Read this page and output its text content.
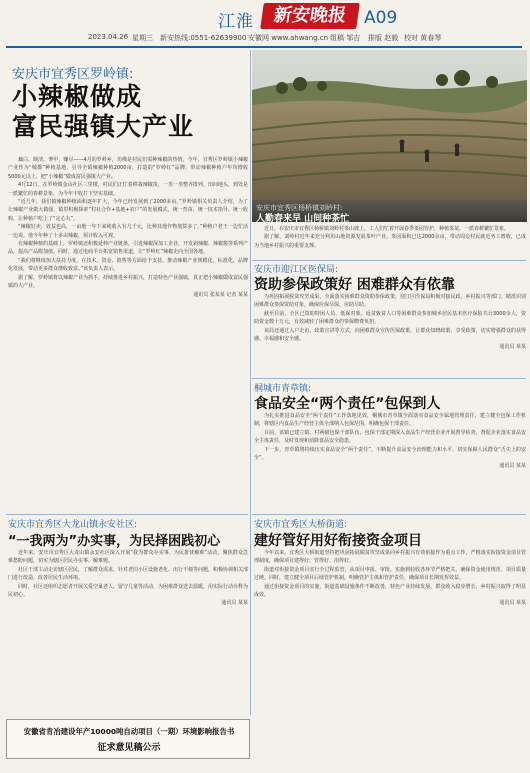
江淮	新安晚报 A09
2023.04.26 星期三 新安热线:0551-62639900 安徽网 www.ahwang.cn 组稿 邹吉 排版 赵毅 校对 黄春琴
安庆市宜秀区罗岭镇:
小辣椒做成
富民强镇大产业

藕白、映清、蓼甲，赚尽——4月的罗岭乡，仿佛是村民们需种辣椒的热情。今年，宜秀区罗岭镇小辣椒产业作为“城都”种植基地，引导全镇辣椒种植2000亩，打造的“罗岭红”品牌，带动辣椒种植户年均增收5000元以上，把“小辣椒”做成富民强镇大产业。

4月12日，在罗岭镇金山社区三里楼，村民们正忙着移栽辣椒苗，一垄一垄整齐排列。田间地头，到处是一派繁忙的春耕景象，为今年丰收打下坚实基础。

“近几年，我们镇辣椒种植面积逐年扩大，今年已经发展到了2000多亩。”罗岭镇相关负责人介绍，为了让辣椒产业做大做强，镇里积极探索“村社合作+基地+农户”的发展模式，统一育苗、统一技术指导、统一收购，让种植户吃上了“定心丸”。

“辣椒好卖，效益也高，一亩地一年下来纯收入有几千元，比种其他作物划算多了。”种植户老王一边忙活一边说。他今年种了十多亩辣椒，预计收入可观。

在辣椒种植的基础上，罗岭镇还积极延伸产业链条，引进辣椒深加工企业，开发剁辣椒、辣椒酱等系列产品，提高产品附加值。同时，通过电商平台拓宽销售渠道，让“罗岭红”辣椒走向全国各地。

“我们将继续加大扶持力度，在技术、资金、销售等方面给予支持，推动辣椒产业规模化、标准化、品牌化发展，带动更多群众增收致富。”该负责人表示。

据了解，罗岭镇将以辣椒产业为抓手，持续推进乡村振兴，打造特色产业强镇，真正把小辣椒做成富民强镇的大产业。

通讯员 张某某 记者 某某

安庆市宜秀区杨桥镇刘岭村:
人勤春来早 山间种茶忙

近日，在安庆市宜秀区杨桥镇刘岭村茶山坡上，工人们忙着开展春季茶园管护，种植茶苗，一派春耕繁忙景象。

据了解，刘岭村近年来充分利用山地资源发展茶叶产业，茶园面积已达2000余亩，带动周边村民就近务工增收，已成为当地乡村振兴的重要支撑。

安庆市迎江区医保局:
资助参保政策好 困难群众有依靠

为巩固拓展脱贫攻坚成果，全面落实困难群众资助参保政策，迎江区医保局积极对接民政、乡村振兴等部门，精准识别困难群众参保资助对象，确保应保尽保、应助尽助。

截至目前，全区已资助特困人员、低保对象、返贫致贫人口等困难群众参加城乡居民基本医疗保险共计3000余人，资助资金数十万元，有效减轻了困难群众的参保缴费负担。

该局还通过入户走访、政策宣讲等方式，向困难群众宣传医保政策，让群众知晓政策、享受政策，切实增强群众的获得感、幸福感和安全感。

通讯员 某某

桐城市青草镇:
食品安全“两个责任”包保到人

为扎实推进食品安全“两个责任”工作落地见效，桐城市青草镇全面落实食品安全属地管理责任，建立健全包保工作机制，将辖区内食品生产经营主体全部纳入包保范围，明确包保干部责任。

目前，该镇已建立镇、村两级包保干部队伍，包保干部定期深入食品生产经营企业开展督导检查，督促企业落实食品安全主体责任，及时发现和消除食品安全隐患。

下一步，青草镇将持续压实食品安全“两个责任”，不断提升食品安全治理能力和水平，切实保障人民群众“舌尖上的安全”。

通讯员 某某

安庆市宜秀区大龙山镇永安社区:
“一我两为”办实事，为民择困践初心

近年来，安庆市宜秀区大龙山镇永安社区深入开展“我为群众办实事、为民排忧解难”活动，聚焦群众急难愁盼问题，切实为辖区居民办实事、解难题。

社区干部主动走访辖区居民，了解群众需求，针对老旧小区设施老化、出行不便等问题，积极协调相关部门进行改造，改善居民生活环境。

同时，社区还组织志愿者开展关爱空巢老人、留守儿童等活动，为困难群众送去温暖，用实际行动诠释为民初心。

通讯员 某某

安庆市宜秀区大桥街道:
建好管好用好衔接资金项目

今年以来，宜秀区大桥街道坚持把巩固拓展脱贫攻坚成果同乡村振兴有效衔接作为重点工作，严格落实衔接资金项目管理制度，确保项目建得好、管得好、用得好。

街道对衔接资金项目实行全过程监管，从项目申报、审批、实施到验收各环节严格把关，确保资金使用规范、项目质量过硬。同时，建立健全项目后续管护机制，明确管护主体和管护责任，确保项目长期发挥效益。

通过衔接资金项目的实施，街道基础设施条件不断改善，特色产业持续发展，群众收入稳步增长，乡村振兴取得了明显成效。

通讯员 某某

安徽省肯冶建设年产10000吨自动项目（一期）环境影响报告书
征求意见稿公示
